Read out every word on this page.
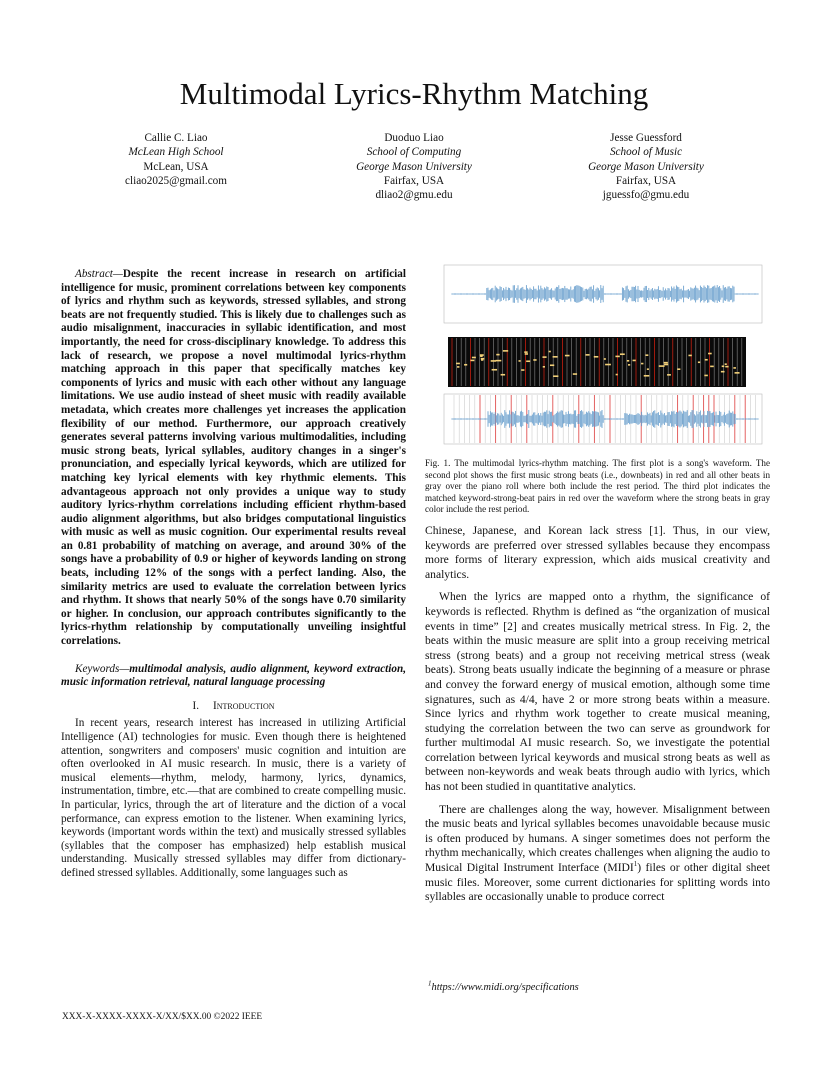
Multimodal Lyrics-Rhythm Matching
Callie C. Liao
McLean High School
McLean, USA
cliao2025@gmail.com
Duoduo Liao
School of Computing
George Mason University
Fairfax, USA
dliao2@gmu.edu
Jesse Guessford
School of Music
George Mason University
Fairfax, USA
jguessfo@gmu.edu

Abstract—Despite the recent increase in research on artificial intelligence for music, prominent correlations between key components of lyrics and rhythm such as keywords, stressed syllables, and strong beats are not frequently studied. This is likely due to challenges such as audio misalignment, inaccuracies in syllabic identification, and most importantly, the need for cross-disciplinary knowledge. To address this lack of research, we propose a novel multimodal lyrics-rhythm matching approach in this paper that specifically matches key components of lyrics and music with each other without any language limitations. We use audio instead of sheet music with readily available metadata, which creates more challenges yet increases the application flexibility of our method. Furthermore, our approach creatively generates several patterns involving various multimodalities, including music strong beats, lyrical syllables, auditory changes in a singer's pronunciation, and especially lyrical keywords, which are utilized for matching key lyrical elements with key rhythmic elements. This advantageous approach not only provides a unique way to study auditory lyrics-rhythm correlations including efficient rhythm-based audio alignment algorithms, but also bridges computational linguistics with music as well as music cognition. Our experimental results reveal an 0.81 probability of matching on average, and around 30% of the songs have a probability of 0.9 or higher of keywords landing on strong beats, including 12% of the songs with a perfect landing. Also, the similarity metrics are used to evaluate the correlation between lyrics and rhythm. It shows that nearly 50% of the songs have 0.70 similarity or higher. In conclusion, our approach contributes significantly to the lyrics-rhythm relationship by computationally unveiling insightful correlations.

Keywords—multimodal analysis, audio alignment, keyword extraction, music information retrieval, natural language processing

I. Introduction

In recent years, research interest has increased in utilizing Artificial Intelligence (AI) technologies for music. Even though there is heightened attention, songwriters and composers' music cognition and intuition are often overlooked in AI music research. In music, there is a variety of musical elements—rhythm, melody, harmony, lyrics, dynamics, instrumentation, timbre, etc.—that are combined to create compelling music. In particular, lyrics, through the art of literature and the diction of a vocal performance, can express emotion to the listener. When examining lyrics, keywords (important words within the text) and musically stressed syllables (syllables that the composer has emphasized) help establish musical understanding. Musically stressed syllables may differ from dictionary-defined stressed syllables. Additionally, some languages such as

Fig. 1. The multimodal lyrics-rhythm matching. The first plot is a song's waveform. The second plot shows the first music strong beats (i.e., downbeats) in red and all other beats in gray over the piano roll where both include the rest period. The third plot indicates the matched keyword-strong-beat pairs in red over the waveform where the strong beats in gray color include the rest period.

Chinese, Japanese, and Korean lack stress [1]. Thus, in our view, keywords are preferred over stressed syllables because they encompass more forms of literary expression, which aids musical creativity and analytics.

When the lyrics are mapped onto a rhythm, the significance of keywords is reflected. Rhythm is defined as “the organization of musical events in time” [2] and creates musically metrical stress. In Fig. 2, the beats within the music measure are split into a group receiving metrical stress (strong beats) and a group not receiving metrical stress (weak beats). Strong beats usually indicate the beginning of a measure or phrase and convey the forward energy of musical emotion, although some time signatures, such as 4/4, have 2 or more strong beats within a measure. Since lyrics and rhythm work together to create musical meaning, studying the correlation between the two can serve as groundwork for further multimodal AI music research. So, we investigate the potential correlation between lyrical keywords and musical strong beats as well as between non-keywords and weak beats through audio with lyrics, which has not been studied in quantitative analytics.

There are challenges along the way, however. Misalignment between the music beats and lyrical syllables becomes unavoidable because music is often produced by humans. A singer sometimes does not perform the rhythm mechanically, which creates challenges when aligning the audio to Musical Digital Instrument Interface (MIDI$^1$) files or other digital sheet music files. Moreover, some current dictionaries for splitting words into syllables are occasionally unable to produce correct

$^1$https://www.midi.org/specifications
XXX-X-XXXX-XXXX-X/XX/$XX.00 ©2022 IEEE
